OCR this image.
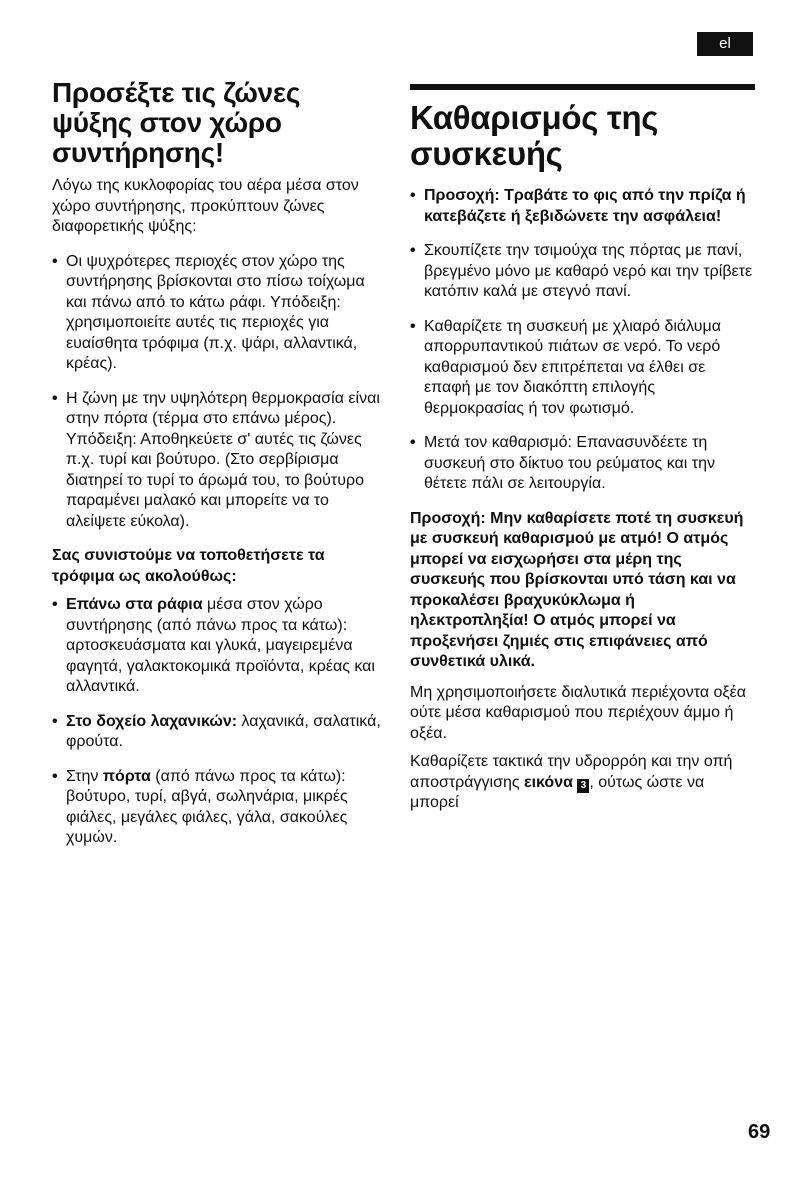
el
Προσέξτε τις ζώνες ψύξης στον χώρο συντήρησης!

Λόγω της κυκλοφορίας του αέρα μέσα στον χώρο συντήρησης, προκύπτουν ζώνες διαφορετικής ψύξης:

• Οι ψυχρότερες περιοχές στον χώρο της συντήρησης βρίσκονται στο πίσω τοίχωμα και πάνω από το κάτω ράφι. Υπόδειξη: χρησιμοποιείτε αυτές τις περιοχές για ευαίσθητα τρόφιμα (π.χ. ψάρι, αλλαντικά, κρέας).
• Η ζώνη με την υψηλότερη θερμοκρασία είναι στην πόρτα (τέρμα στο επάνω μέρος). Υπόδειξη: Αποθηκεύετε σ' αυτές τις ζώνες π.χ. τυρί και βούτυρο. (Στο σερβίρισμα διατηρεί το τυρί το άρωμά του, το βούτυρο παραμένει μαλακό και μπορείτε να το αλείψετε εύκολα).

Σας συνιστούμε να τοποθετήσετε τα τρόφιμα ως ακολούθως:

• Επάνω στα ράφια μέσα στον χώρο συντήρησης (από πάνω προς τα κάτω): αρτοσκευάσματα και γλυκά, μαγειρεμένα φαγητά, γαλακτοκομικά προϊόντα, κρέας και αλλαντικά.
• Στο δοχείο λαχανικών: λαχανικά, σαλατικά, φρούτα.
• Στην πόρτα (από πάνω προς τα κάτω): βούτυρο, τυρί, αβγά, σωληνάρια, μικρές φιάλες, μεγάλες φιάλες, γάλα, σακούλες χυμών.
Καθαρισμός της συσκευής
• Προσοχή: Τραβάτε το φις από την πρίζα ή κατεβάζετε ή ξεβιδώνετε την ασφάλεια!
• Σκουπίζετε την τσιμούχα της πόρτας με πανί, βρεγμένο μόνο με καθαρό νερό και την τρίβετε κατόπιν καλά με στεγνό πανί.
• Καθαρίζετε τη συσκευή με χλιαρό διάλυμα απορρυπαντικού πιάτων σε νερό. Το νερό καθαρισμού δεν επιτρέπεται να έλθει σε επαφή με τον διακόπτη επιλογής θερμοκρασίας ή τον φωτισμό.
• Μετά τον καθαρισμό: Επανασυνδέετε τη συσκευή στο δίκτυο του ρεύματος και την θέτετε πάλι σε λειτουργία.

Προσοχή: Μην καθαρίσετε ποτέ τη συσκευή με συσκευή καθαρισμού με ατμό! Ο ατμός μπορεί να εισχωρήσει στα μέρη της συσκευής που βρίσκονται υπό τάση και να προκαλέσει βραχυκύκλωμα ή ηλεκτροπληξία! Ο ατμός μπορεί να προξενήσει ζημιές στις επιφάνειες από συνθετικά υλικά.

Μη χρησιμοποιήσετε διαλυτικά περιέχοντα οξέα ούτε μέσα καθαρισμού που περιέχουν άμμο ή οξέα.

Καθαρίζετε τακτικά την υδρορρόη και την οπή αποστράγγισης εικόνα 3 , ούτως ώστε να μπορεί

69
